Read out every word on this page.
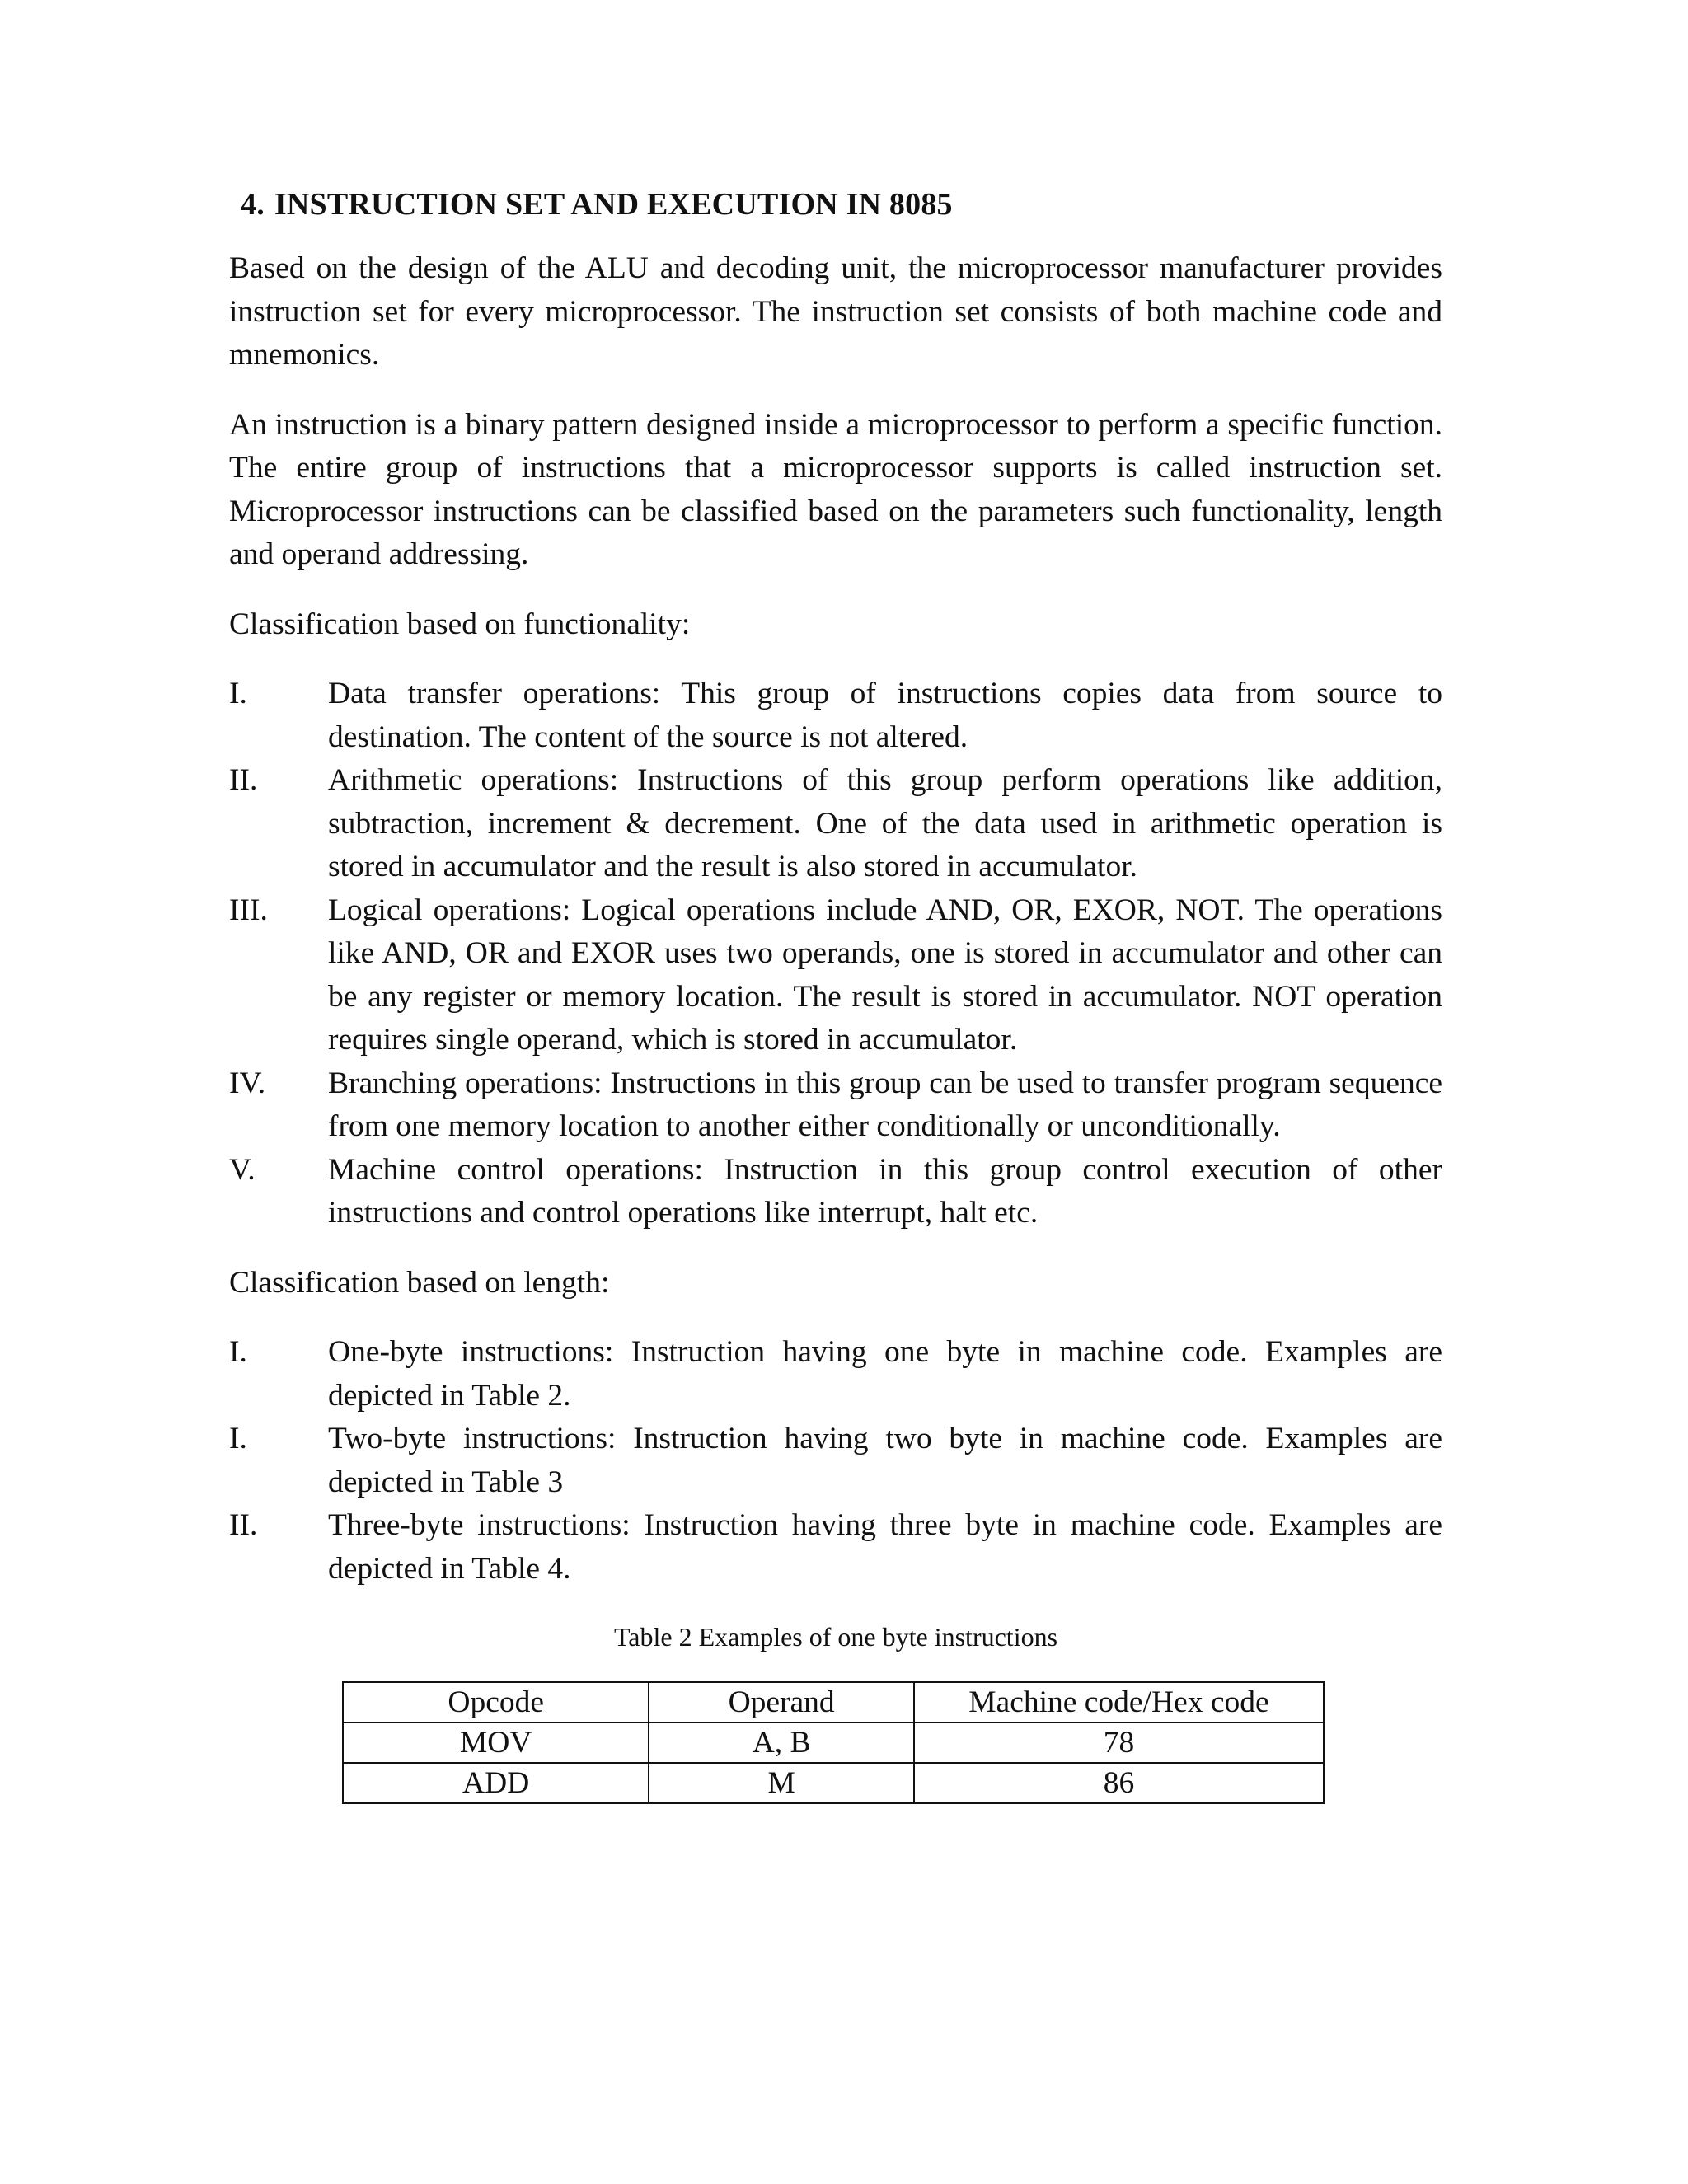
4. INSTRUCTION SET AND EXECUTION IN 8085

Based on the design of the ALU and decoding unit, the microprocessor manufacturer provides instruction set for every microprocessor. The instruction set consists of both machine code and mnemonics.

An instruction is a binary pattern designed inside a microprocessor to perform a specific function. The entire group of instructions that a microprocessor supports is called instruction set. Microprocessor instructions can be classified based on the parameters such functionality, length and operand addressing.

Classification based on functionality:

I.	Data transfer operations: This group of instructions copies data from source to destination. The content of the source is not altered.
II.	Arithmetic operations: Instructions of this group perform operations like addition, subtraction, increment & decrement. One of the data used in arithmetic operation is stored in accumulator and the result is also stored in accumulator.
III.	Logical operations: Logical operations include AND, OR, EXOR, NOT. The operations like AND, OR and EXOR uses two operands, one is stored in accumulator and other can be any register or memory location. The result is stored in accumulator. NOT operation requires single operand, which is stored in accumulator.
IV.	Branching operations: Instructions in this group can be used to transfer program sequence from one memory location to another either conditionally or unconditionally.
V.	Machine control operations: Instruction in this group control execution of other instructions and control operations like interrupt, halt etc.

Classification based on length:

I.	One-byte instructions: Instruction having one byte in machine code. Examples are depicted in Table 2.
I.	Two-byte instructions: Instruction having two byte in machine code. Examples are depicted in Table 3
II.	Three-byte instructions: Instruction having three byte in machine code. Examples are depicted in Table 4.
Table 2 Examples of one byte instructions
Opcode	Operand	Machine code/Hex code
MOV	A, B	78
ADD	M	86
